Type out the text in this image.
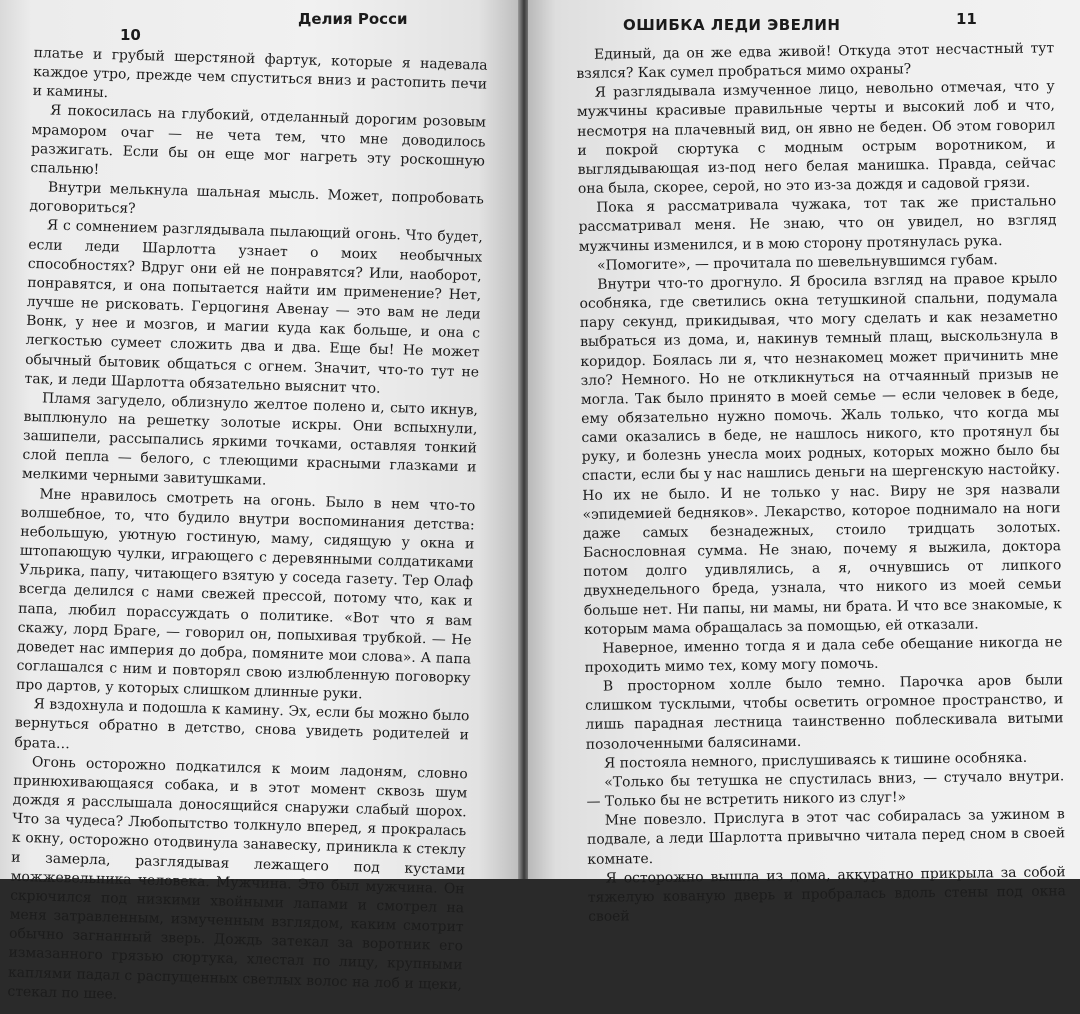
10
Делия Росси

платье и грубый шерстяной фартук, которые я надевала каждое утро, прежде чем спуститься вниз и растопить печи и камины.

Я покосилась на глубокий, отделанный дорогим розовым мрамором очаг — не чета тем, что мне доводилось разжигать. Если бы он еще мог нагреть эту роскошную спальню!

Внутри мелькнула шальная мысль. Может, попробовать договориться?

Я с сомнением разглядывала пылающий огонь. Что будет, если леди Шарлотта узнает о моих необычных способностях? Вдруг они ей не понравятся? Или, наоборот, понравятся, и она попытается найти им применение? Нет, лучше не рисковать. Герцогиня Авенау — это вам не леди Вонк, у нее и мозгов, и магии куда как больше, и она с легкостью сумеет сложить два и два. Еще бы! Не может обычный бытовик общаться с огнем. Значит, что-то тут не так, и леди Шарлотта обязательно выяснит что.

Пламя загудело, облизнуло желтое полено и, сыто икнув, выплюнуло на решетку золотые искры. Они вспыхнули, зашипели, рассыпались яркими точками, оставляя тонкий слой пепла — белого, с тлеющими красными глазками и мелкими черными завитушками.

Мне нравилось смотреть на огонь. Было в нем что-то волшебное, то, что будило внутри воспоминания детства: небольшую, уютную гостиную, маму, сидящую у окна и штопающую чулки, играющего с деревянными солдатиками Ульрика, папу, читающего взятую у соседа газету. Тер Олаф всегда делился с нами свежей прессой, потому что, как и папа, любил порассуждать о политике. «Вот что я вам скажу, лорд Браге, — говорил он, попыхивая трубкой. — Не доведет нас империя до добра, помяните мои слова». А папа соглашался с ним и повторял свою излюбленную поговорку про дартов, у которых слишком длинные руки.

Я вздохнула и подошла к камину. Эх, если бы можно было вернуться обратно в детство, снова увидеть родителей и брата…

Огонь осторожно подкатился к моим ладоням, словно принюхивающаяся собака, и в этот момент сквозь шум дождя я расслышала доносящийся снаружи слабый шорох. Что за чудеса? Любопытство толкнуло вперед, я прокралась к окну, осторожно отодвинула занавеску, приникла к стеклу и замерла, разглядывая лежащего под кустами можжевельника человека. Мужчина. Это был мужчина. Он скрючился под низкими хвойными лапами и смотрел на меня затравленным, измученным взглядом, каким смотрит обычно загнанный зверь. Дождь затекал за воротник его измазанного грязью сюртука, хлестал по лицу, крупными каплями падал с распущенных светлых волос на лоб и щеки, стекал по шее.

ОШИБКА ЛЕДИ ЭВЕЛИН	11

Единый, да он же едва живой! Откуда этот несчастный тут взялся? Как сумел пробраться мимо охраны?

Я разглядывала измученное лицо, невольно отмечая, что у мужчины красивые правильные черты и высокий лоб и что, несмотря на плачевный вид, он явно не беден. Об этом говорил и покрой сюртука с модным острым воротником, и выглядывающая из-под него белая манишка. Правда, сейчас она была, скорее, серой, но это из-за дождя и садовой грязи.

Пока я рассматривала чужака, тот так же пристально рассматривал меня. Не знаю, что он увидел, но взгляд мужчины изменился, и в мою сторону протянулась рука.

«Помогите», — прочитала по шевельнувшимся губам.

Внутри что-то дрогнуло. Я бросила взгляд на правое крыло особняка, где светились окна тетушкиной спальни, подумала пару секунд, прикидывая, что могу сделать и как незаметно выбраться из дома, и, накинув темный плащ, выскользнула в коридор. Боялась ли я, что незнакомец может причинить мне зло? Немного. Но не откликнуться на отчаянный призыв не могла. Так было принято в моей семье — если человек в беде, ему обязательно нужно помочь. Жаль только, что когда мы сами оказались в беде, не нашлось никого, кто протянул бы руку, и болезнь унесла моих родных, которых можно было бы спасти, если бы у нас нашлись деньги на шергенскую настойку. Но их не было. И не только у нас. Виру не зря назвали «эпидемией бедняков». Лекарство, которое поднимало на ноги даже самых безнадежных, стоило тридцать золотых. Баснословная сумма. Не знаю, почему я выжила, доктора потом долго удивлялись, а я, очнувшись от липкого двухнедельного бреда, узнала, что никого из моей семьи больше нет. Ни папы, ни мамы, ни брата. И что все знакомые, к которым мама обращалась за помощью, ей отказали.

Наверное, именно тогда я и дала себе обещание никогда не проходить мимо тех, кому могу помочь.

В просторном холле было темно. Парочка аров были слишком тусклыми, чтобы осветить огромное пространство, и лишь парадная лестница таинственно поблескивала витыми позолоченными балясинами.

Я постояла немного, прислушиваясь к тишине особняка.

«Только бы тетушка не спустилась вниз, — стучало внутри. — Только бы не встретить никого из слуг!»

Мне повезло. Прислуга в этот час собиралась за ужином в подвале, а леди Шарлотта привычно читала перед сном в своей комнате.

Я осторожно вышла из дома, аккуратно прикрыла за собой тяжелую кованую дверь и пробралась вдоль стены под окна своей
